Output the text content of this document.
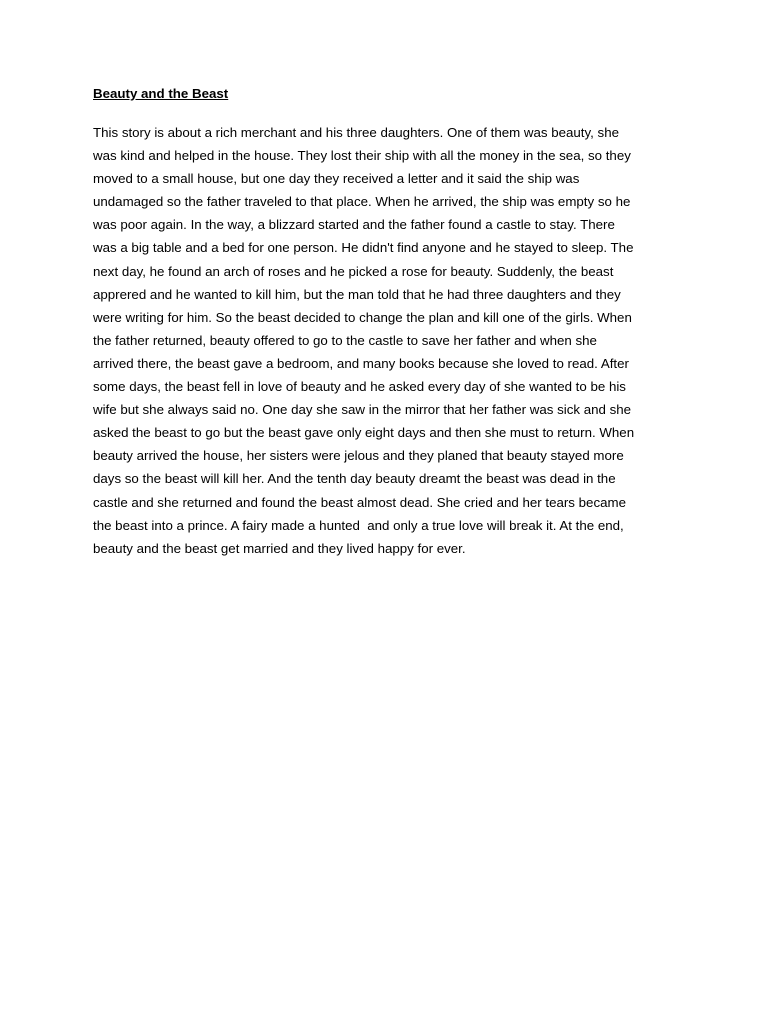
Beauty and the Beast
This story is about a rich merchant and his three daughters. One of them was beauty, she
was kind and helped in the house. They lost their ship with all the money in the sea, so they
moved to a small house, but one day they received a letter and it said the ship was
undamaged so the father traveled to that place. When he arrived, the ship was empty so he
was poor again. In the way, a blizzard started and the father found a castle to stay. There
was a big table and a bed for one person. He didn't find anyone and he stayed to sleep. The
next day, he found an arch of roses and he picked a rose for beauty. Suddenly, the beast
apprered and he wanted to kill him, but the man told that he had three daughters and they
were writing for him. So the beast decided to change the plan and kill one of the girls. When
the father returned, beauty offered to go to the castle to save her father and when she
arrived there, the beast gave a bedroom, and many books because she loved to read. After
some days, the beast fell in love of beauty and he asked every day of she wanted to be his
wife but she always said no. One day she saw in the mirror that her father was sick and she
asked the beast to go but the beast gave only eight days and then she must to return. When
beauty arrived the house, her sisters were jelous and they planed that beauty stayed more
days so the beast will kill her. And the tenth day beauty dreamt the beast was dead in the
castle and she returned and found the beast almost dead. She cried and her tears became
the beast into a prince. A fairy made a hunted  and only a true love will break it. At the end,
beauty and the beast get married and they lived happy for ever.
